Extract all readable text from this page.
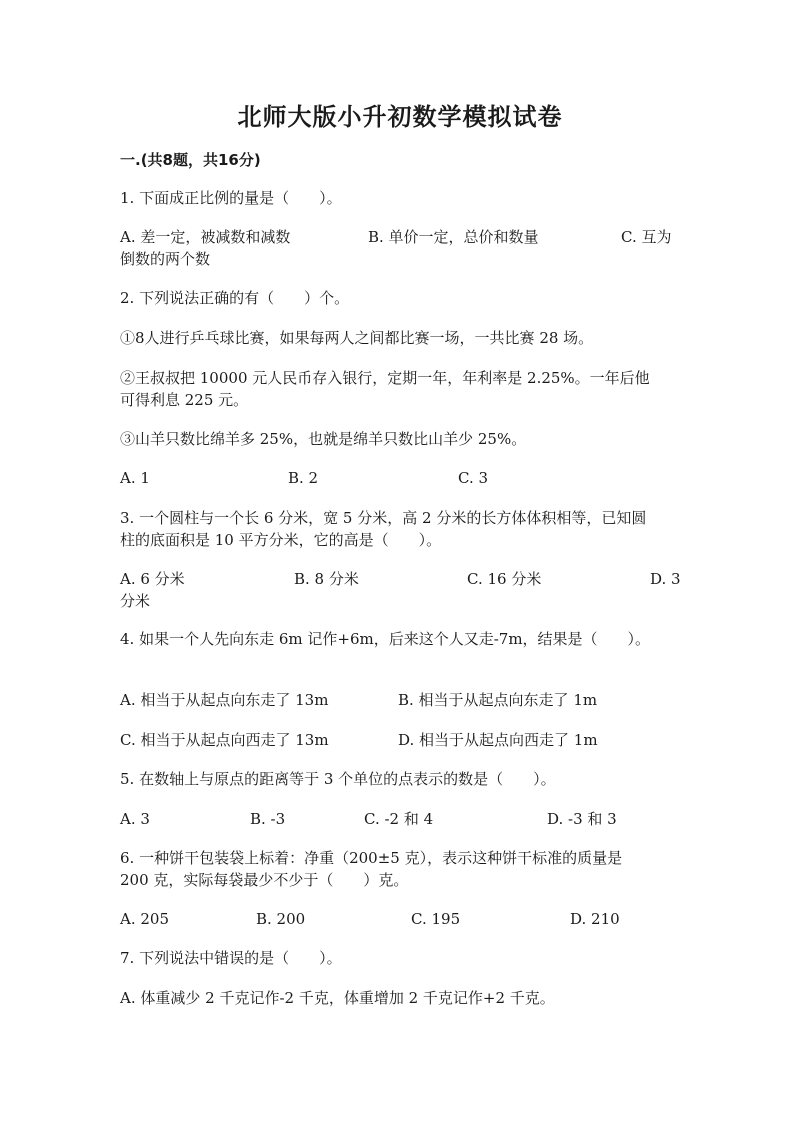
北师大版小升初数学模拟试卷
一.(共8题，共16分)
1. 下面成正比例的量是（　　）。
A. 差一定，被减数和减数	B. 单价一定，总价和数量	C. 互为
倒数的两个数
2. 下列说法正确的有（　　）个。
①8人进行乒乓球比赛，如果每两人之间都比赛一场，一共比赛 28 场。
②王叔叔把 10000 元人民币存入银行，定期一年，年利率是 2.25%。一年后他
可得利息 225 元。
③山羊只数比绵羊多 25%，也就是绵羊只数比山羊少 25%。
A. 1	B. 2	C. 3
3. 一个圆柱与一个长 6 分米，宽 5 分米，高 2 分米的长方体体积相等，已知圆
柱的底面积是 10 平方分米，它的高是（　　）。
A. 6 分米	B. 8 分米	C. 16 分米	D. 3
分米
4. 如果一个人先向东走 6m 记作+6m，后来这个人又走-7m，结果是（　　）。
A. 相当于从起点向东走了 13m	B. 相当于从起点向东走了 1m
C. 相当于从起点向西走了 13m	D. 相当于从起点向西走了 1m
5. 在数轴上与原点的距离等于 3 个单位的点表示的数是（　　）。
A. 3	B. -3	C. -2 和 4	D. -3 和 3
6. 一种饼干包装袋上标着：净重（200±5 克），表示这种饼干标准的质量是
200 克，实际每袋最少不少于（　　）克。
A. 205	B. 200	C. 195	D. 210
7. 下列说法中错误的是（　　）。
A. 体重减少 2 千克记作-2 千克，体重增加 2 千克记作+2 千克。
